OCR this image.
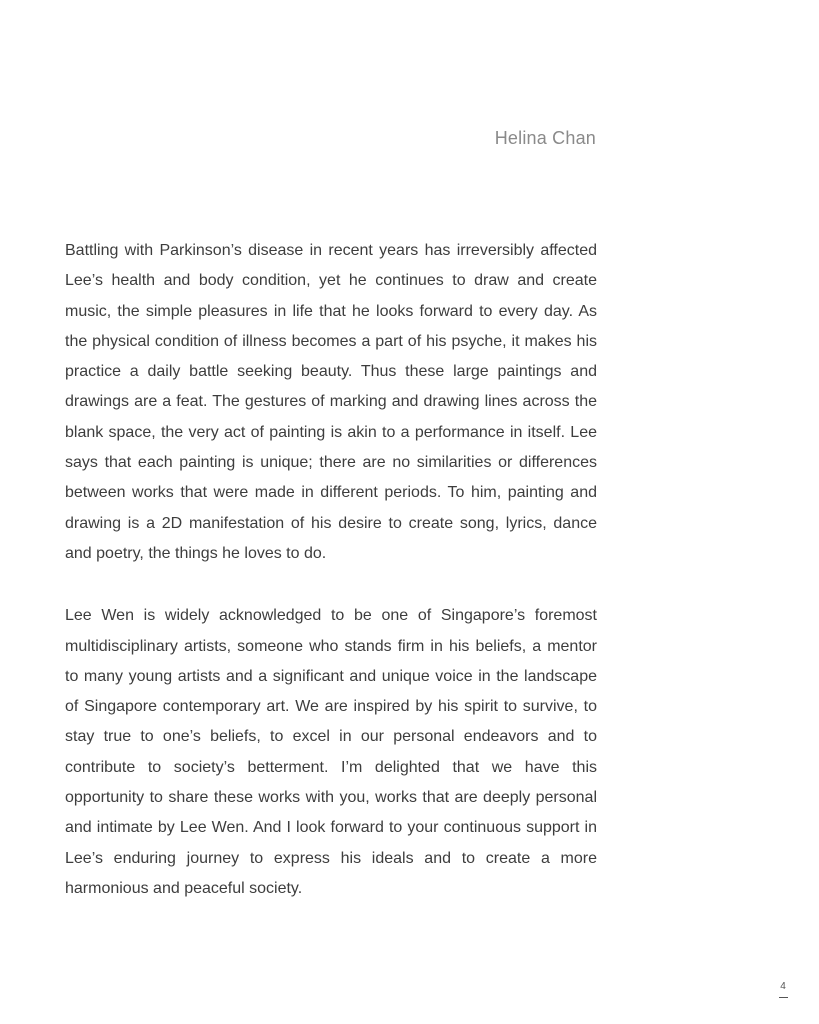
Helina Chan

Battling with Parkinson’s disease in recent years has irreversibly affected Lee’s health and body condition, yet he continues to draw and create music, the simple pleasures in life that he looks forward to every day. As the physical condition of illness becomes a part of his psyche, it makes his practice a daily battle seeking beauty. Thus these large paintings and drawings are a feat. The gestures of marking and drawing lines across the blank space, the very act of painting is akin to a performance in itself. Lee says that each painting is unique; there are no similarities or differences between works that were made in different periods. To him, painting and drawing is a 2D manifestation of his desire to create song, lyrics, dance and poetry, the things he loves to do.

Lee Wen is widely acknowledged to be one of Singapore’s foremost multidisciplinary artists, someone who stands firm in his beliefs, a mentor to many young artists and a significant and unique voice in the landscape of Singapore contemporary art. We are inspired by his spirit to survive, to stay true to one’s beliefs, to excel in our personal endeavors and to contribute to society’s betterment. I’m delighted that we have this opportunity to share these works with you, works that are deeply personal and intimate by Lee Wen. And I look forward to your continuous support in Lee’s enduring journey to express his ideals and to create a more harmonious and peaceful society.

4
